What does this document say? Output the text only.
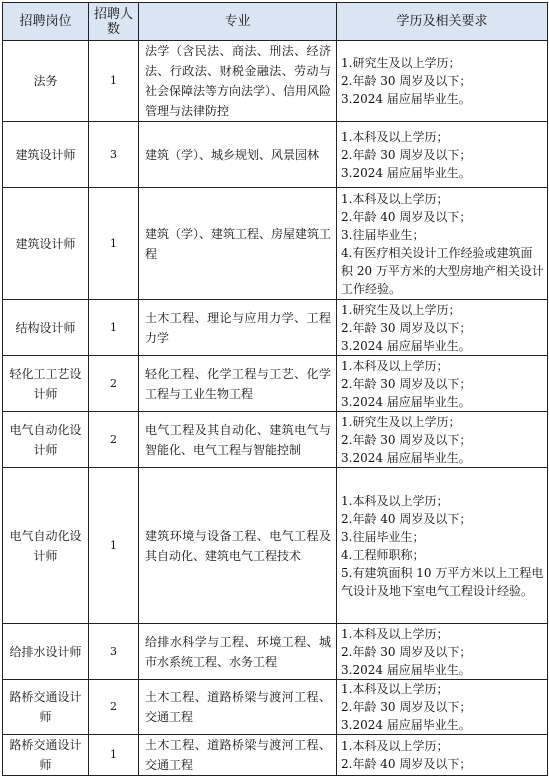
招聘岗位	招聘人数	专业	学历及相关要求
法务	1	法学（含民法、商法、刑法、经济法、行政法、财税金融法、劳动与社会保障法等方向法学）、信用风险管理与法律防控	1.研究生及以上学历；
2.年龄 30 周岁及以下；
3.2024 届应届毕业生。

建筑设计师	3	建筑（学）、城乡规划、风景园林	1.本科及以上学历；
2.年龄 30 周岁及以下；
3.2024 届应届毕业生。

建筑设计师	1	建筑（学）、建筑工程、房屋建筑工程	1.本科及以上学历；
2.年龄 40 周岁及以下；
3.往届毕业生；
4.有医疗相关设计工作经验或建筑面积 20 万平方米的大型房地产相关设计工作经验。

结构设计师	1	土木工程、理论与应用力学、工程力学	1.研究生及以上学历；
2.年龄 30 周岁及以下；
3.2024 届应届毕业生。

轻化工工艺设计师	2	轻化工程、化学工程与工艺、化学工程与工业生物工程	1.本科及以上学历；
2.年龄 30 周岁及以下；
3.2024 届应届毕业生。

电气自动化设计师	2	电气工程及其自动化、建筑电气与智能化、电气工程与智能控制	1.研究生及以上学历；
2.年龄 30 周岁及以下；
3.2024 届应届毕业生。

电气自动化设计师	1	建筑环境与设备工程、电气工程及其自动化、建筑电气工程技术	1.本科及以上学历；
2.年龄 40 周岁及以下；
3.往届毕业生；
4.工程师职称；
5.有建筑面积 10 万平方米以上工程电气设计及地下室电气工程设计经验。

给排水设计师	3	给排水科学与工程、环境工程、城市水系统工程、水务工程	1.本科及以上学历；
2.年龄 30 周岁及以下；
3.2024 届应届毕业生。

路桥交通设计师	2	土木工程、道路桥梁与渡河工程、交通工程	1.本科及以上学历；
2.年龄 30 周岁及以下；
3.2024 届应届毕业生。

路桥交通设计师	1	土木工程、道路桥梁与渡河工程、交通工程	1.本科及以上学历；
2.年龄 40 周岁及以下；
